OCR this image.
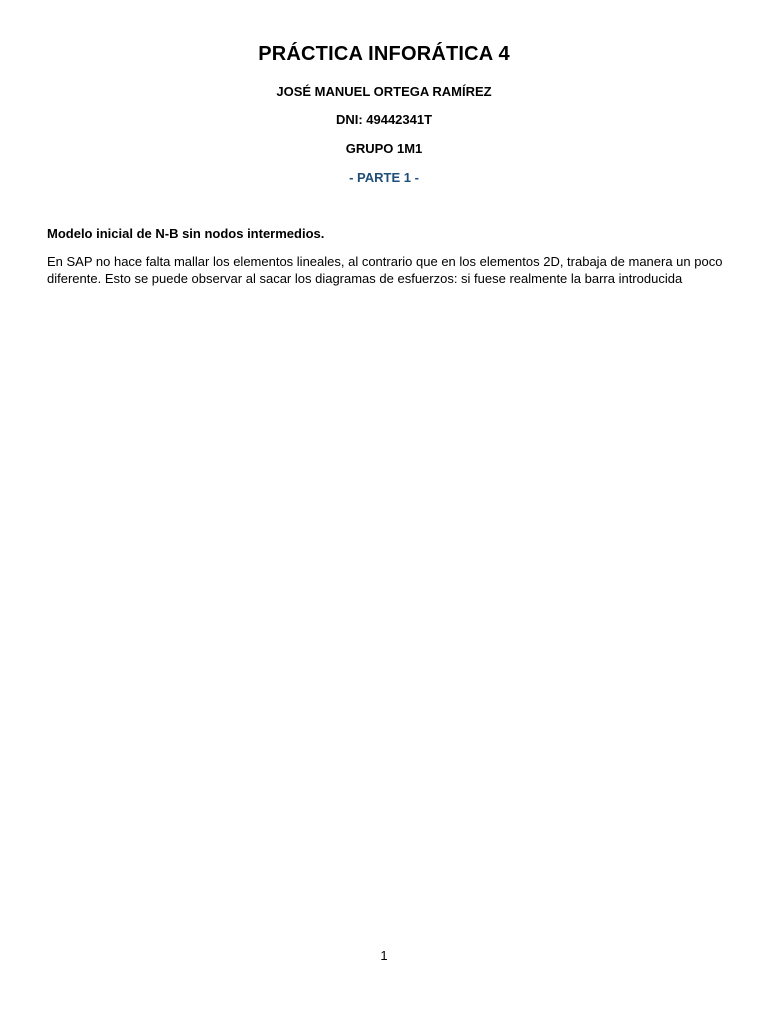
PRÁCTICA INFORÁTICA 4
JOSÉ MANUEL ORTEGA RAMÍREZ
DNI: 49442341T
GRUPO 1M1
- PARTE 1 -
Modelo inicial de N-B sin nodos intermedios.
En SAP no hace falta mallar los elementos lineales, al contrario que en los elementos 2D, trabaja de manera un poco diferente. Esto se puede observar al sacar los diagramas de esfuerzos: si fuese realmente la barra introducida
1
